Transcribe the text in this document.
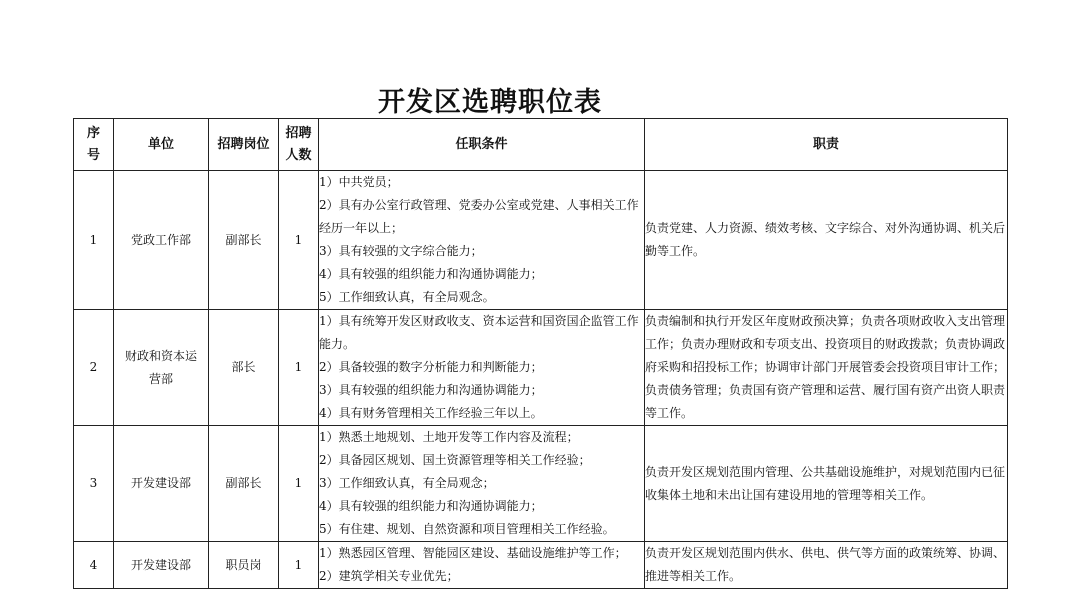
开发区选聘职位表
序号	单位	招聘岗位	招聘人数	任职条件	职责
1	党政工作部	副部长	1	1）中共党员；
2）具有办公室行政管理、党委办公室或党建、人事相关工作经历一年以上；
3）具有较强的文字综合能力；
4）具有较强的组织能力和沟通协调能力；
5）工作细致认真，有全局观念。	负责党建、人力资源、绩效考核、文字综合、对外沟通协调、机关后勤等工作。
2	财政和资本运营部	部长	1	1）具有统筹开发区财政收支、资本运营和国资国企监管工作能力。
2）具备较强的数字分析能力和判断能力；
3）具有较强的组织能力和沟通协调能力；
4）具有财务管理相关工作经验三年以上。	负责编制和执行开发区年度财政预决算；负责各项财政收入支出管理工作；负责办理财政和专项支出、投资项目的财政拨款；负责协调政府采购和招投标工作；协调审计部门开展管委会投资项目审计工作；负责债务管理；负责国有资产管理和运营、履行国有资产出资人职责等工作。
3	开发建设部	副部长	1	1）熟悉土地规划、土地开发等工作内容及流程；
2）具备园区规划、国土资源管理等相关工作经验；
3）工作细致认真，有全局观念；
4）具有较强的组织能力和沟通协调能力；
5）有住建、规划、自然资源和项目管理相关工作经验。	负责开发区规划范围内管理、公共基础设施维护，对规划范围内已征收集体土地和未出让国有建设用地的管理等相关工作。
4	开发建设部	职员岗	1	1）熟悉园区管理、智能园区建设、基础设施维护等工作；
2）建筑学相关专业优先；	负责开发区规划范围内供水、供电、供气等方面的政策统筹、协调、推进等相关工作。
